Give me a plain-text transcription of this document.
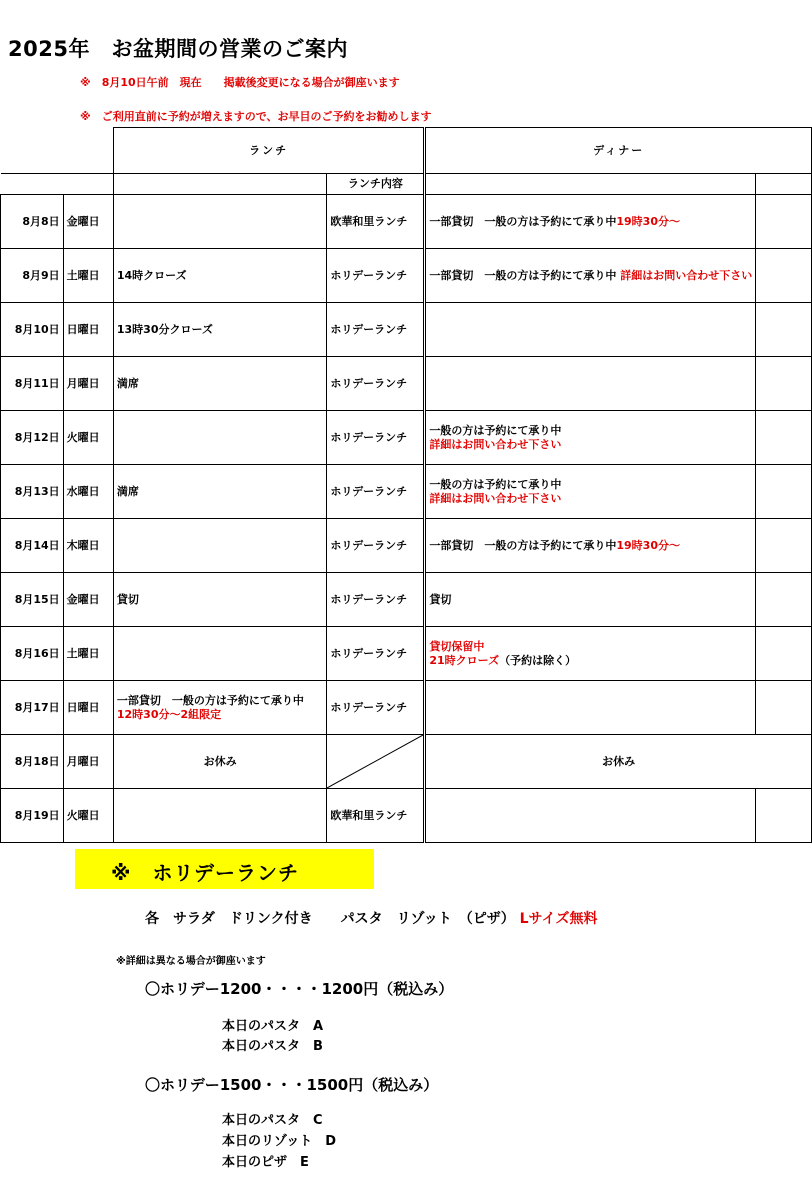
2025年　お盆期間の営業のご案内
※　8月10日午前　現在　　掲載後変更になる場合が御座います
※　ご利用直前に予約が増えますので、お早目のご予約をお勧めします
		ランチ		ディナー	
			ランチ内容		
8月8日	金曜日		欧華和里ランチ	一部貸切　一般の方は予約にて承り中19時30分～	
8月9日	土曜日	14時クローズ	ホリデーランチ	一部貸切　一般の方は予約にて承り中 詳細はお問い合わせ下さい	
8月10日	日曜日	13時30分クローズ	ホリデーランチ		
8月11日	月曜日	満席	ホリデーランチ		
8月12日	火曜日		ホリデーランチ	一般の方は予約にて承り中
詳細はお問い合わせ下さい	
8月13日	水曜日	満席	ホリデーランチ	一般の方は予約にて承り中
詳細はお問い合わせ下さい	
8月14日	木曜日		ホリデーランチ	一部貸切　一般の方は予約にて承り中19時30分～	
8月15日	金曜日	貸切	ホリデーランチ	貸切	
8月16日	土曜日		ホリデーランチ	貸切保留中
21時クローズ（予約は除く）	
8月17日	日曜日	一部貸切　一般の方は予約にて承り中
12時30分～2組限定	ホリデーランチ		
8月18日	月曜日	お休み		お休み	
8月19日	火曜日		欧華和里ランチ		
※　ホリデーランチ
各　サラダ　ドリンク付き パスタ　リゾット　（ピザ） Lサイズ無料
※詳細は異なる場合が御座います
〇ホリデー1200・・・・1200円（税込み）
本日のパスタ　A
本日のパスタ　B
〇ホリデー1500・・・1500円（税込み）
本日のパスタ　C
本日のリゾット　D
本日のピザ　E
